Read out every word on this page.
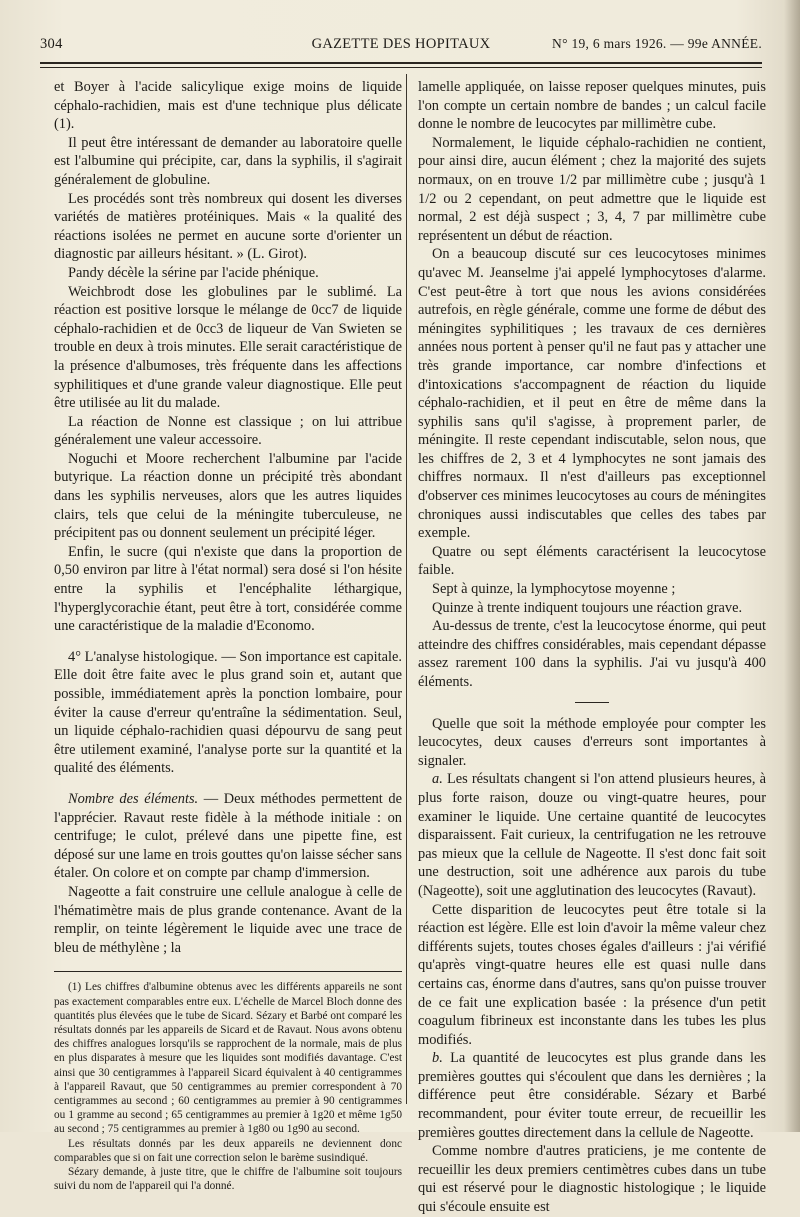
304	GAZETTE DES HOPITAUX	N° 19, 6 mars 1926. — 99e ANNÉE.

et Boyer à l'acide salicylique exige moins de liquide céphalo-rachidien, mais est d'une technique plus délicate (1).

Il peut être intéressant de demander au laboratoire quelle est l'albumine qui précipite, car, dans la syphilis, il s'agirait généralement de globuline.

Les procédés sont très nombreux qui dosent les diverses variétés de matières protéiniques. Mais « la qualité des réactions isolées ne permet en aucune sorte d'orienter un diagnostic par ailleurs hésitant. » (L. Girot).

Pandy décèle la sérine par l'acide phénique.

Weichbrodt dose les globulines par le sublimé. La réaction est positive lorsque le mélange de 0cc7 de liquide céphalo-rachidien et de 0cc3 de liqueur de Van Swieten se trouble en deux à trois minutes. Elle serait caractéristique de la présence d'albumoses, très fréquente dans les affections syphilitiques et d'une grande valeur diagnostique. Elle peut être utilisée au lit du malade.

La réaction de Nonne est classique ; on lui attribue généralement une valeur accessoire.

Noguchi et Moore recherchent l'albumine par l'acide butyrique. La réaction donne un précipité très abondant dans les syphilis nerveuses, alors que les autres liquides clairs, tels que celui de la méningite tuberculeuse, ne précipitent pas ou donnent seulement un précipité léger.

Enfin, le sucre (qui n'existe que dans la proportion de 0,50 environ par litre à l'état normal) sera dosé si l'on hésite entre la syphilis et l'encéphalite léthargique, l'hyperglycorachie étant, peut être à tort, considérée comme une caractéristique de la maladie d'Economo.

4° L'analyse histologique. — Son importance est capitale. Elle doit être faite avec le plus grand soin et, autant que possible, immédiatement après la ponction lombaire, pour éviter la cause d'erreur qu'entraîne la sédimentation. Seul, un liquide céphalo-rachidien quasi dépourvu de sang peut être utilement examiné, l'analyse porte sur la quantité et la qualité des éléments.

Nombre des éléments. — Deux méthodes permettent de l'apprécier. Ravaut reste fidèle à la méthode initiale : on centrifuge; le culot, prélevé dans une pipette fine, est déposé sur une lame en trois gouttes qu'on laisse sécher sans étaler. On colore et on compte par champ d'immersion.

Nageotte a fait construire une cellule analogue à celle de l'hématimètre mais de plus grande contenance. Avant de la remplir, on teinte légèrement le liquide avec une trace de bleu de méthylène ; la

(1) Les chiffres d'albumine obtenus avec les différents appareils ne sont pas exactement comparables entre eux. L'échelle de Marcel Bloch donne des quantités plus élevées que le tube de Sicard. Sézary et Barbé ont comparé les résultats donnés par les appareils de Sicard et de Ravaut. Nous avons obtenu des chiffres analogues lorsqu'ils se rapprochent de la normale, mais de plus en plus disparates à mesure que les liquides sont modifiés davantage. C'est ainsi que 30 centigrammes à l'appareil Sicard équivalent à 40 centigrammes à l'appareil Ravaut, que 50 centigrammes au premier correspondent à 70 centigrammes au second ; 60 centigrammes au premier à 90 centigrammes ou 1 gramme au second ; 65 centigrammes au premier à 1g20 et même 1g50 au second ; 75 centigrammes au premier à 1g80 ou 1g90 au second.

Les résultats donnés par les deux appareils ne deviennent donc comparables que si on fait une correction selon le barème susindiqué.

Sézary demande, à juste titre, que le chiffre de l'albumine soit toujours suivi du nom de l'appareil qui l'a donné.

lamelle appliquée, on laisse reposer quelques minutes, puis l'on compte un certain nombre de bandes ; un calcul facile donne le nombre de leucocytes par millimètre cube.

Normalement, le liquide céphalo-rachidien ne contient, pour ainsi dire, aucun élément ; chez la majorité des sujets normaux, on en trouve 1/2 par millimètre cube ; jusqu'à 1 1/2 ou 2 cependant, on peut admettre que le liquide est normal, 2 est déjà suspect ; 3, 4, 7 par millimètre cube représentent un début de réaction.

On a beaucoup discuté sur ces leucocytoses minimes qu'avec M. Jeanselme j'ai appelé lymphocytoses d'alarme. C'est peut-être à tort que nous les avions considérées autrefois, en règle générale, comme une forme de début des méningites syphilitiques ; les travaux de ces dernières années nous portent à penser qu'il ne faut pas y attacher une très grande importance, car nombre d'infections et d'intoxications s'accompagnent de réaction du liquide céphalo-rachidien, et il peut en être de même dans la syphilis sans qu'il s'agisse, à proprement parler, de méningite. Il reste cependant indiscutable, selon nous, que les chiffres de 2, 3 et 4 lymphocytes ne sont jamais des chiffres normaux. Il n'est d'ailleurs pas exceptionnel d'observer ces minimes leucocytoses au cours de méningites chroniques aussi indiscutables que celles des tabes par exemple.

Quatre ou sept éléments caractérisent la leucocytose faible.

Sept à quinze, la lymphocytose moyenne ;

Quinze à trente indiquent toujours une réaction grave.

Au-dessus de trente, c'est la leucocytose énorme, qui peut atteindre des chiffres considérables, mais cependant dépasse assez rarement 100 dans la syphilis. J'ai vu jusqu'à 400 éléments.

Quelle que soit la méthode employée pour compter les leucocytes, deux causes d'erreurs sont importantes à signaler.

a. Les résultats changent si l'on attend plusieurs heures, à plus forte raison, douze ou vingt-quatre heures, pour examiner le liquide. Une certaine quantité de leucocytes disparaissent. Fait curieux, la centrifugation ne les retrouve pas mieux que la cellule de Nageotte. Il s'est donc fait soit une destruction, soit une adhérence aux parois du tube (Nageotte), soit une agglutination des leucocytes (Ravaut).

Cette disparition de leucocytes peut être totale si la réaction est légère. Elle est loin d'avoir la même valeur chez différents sujets, toutes choses égales d'ailleurs : j'ai vérifié qu'après vingt-quatre heures elle est quasi nulle dans certains cas, énorme dans d'autres, sans qu'on puisse trouver de ce fait une explication basée : la présence d'un petit coagulum fibrineux est inconstante dans les tubes les plus modifiés.

b. La quantité de leucocytes est plus grande dans les premières gouttes qui s'écoulent que dans les dernières ; la différence peut être considérable. Sézary et Barbé recommandent, pour éviter toute erreur, de recueillir les premières gouttes directement dans la cellule de Nageotte.

Comme nombre d'autres praticiens, je me contente de recueillir les deux premiers centimètres cubes dans un tube qui est réservé pour le diagnostic histologique ; le liquide qui s'écoule ensuite est
